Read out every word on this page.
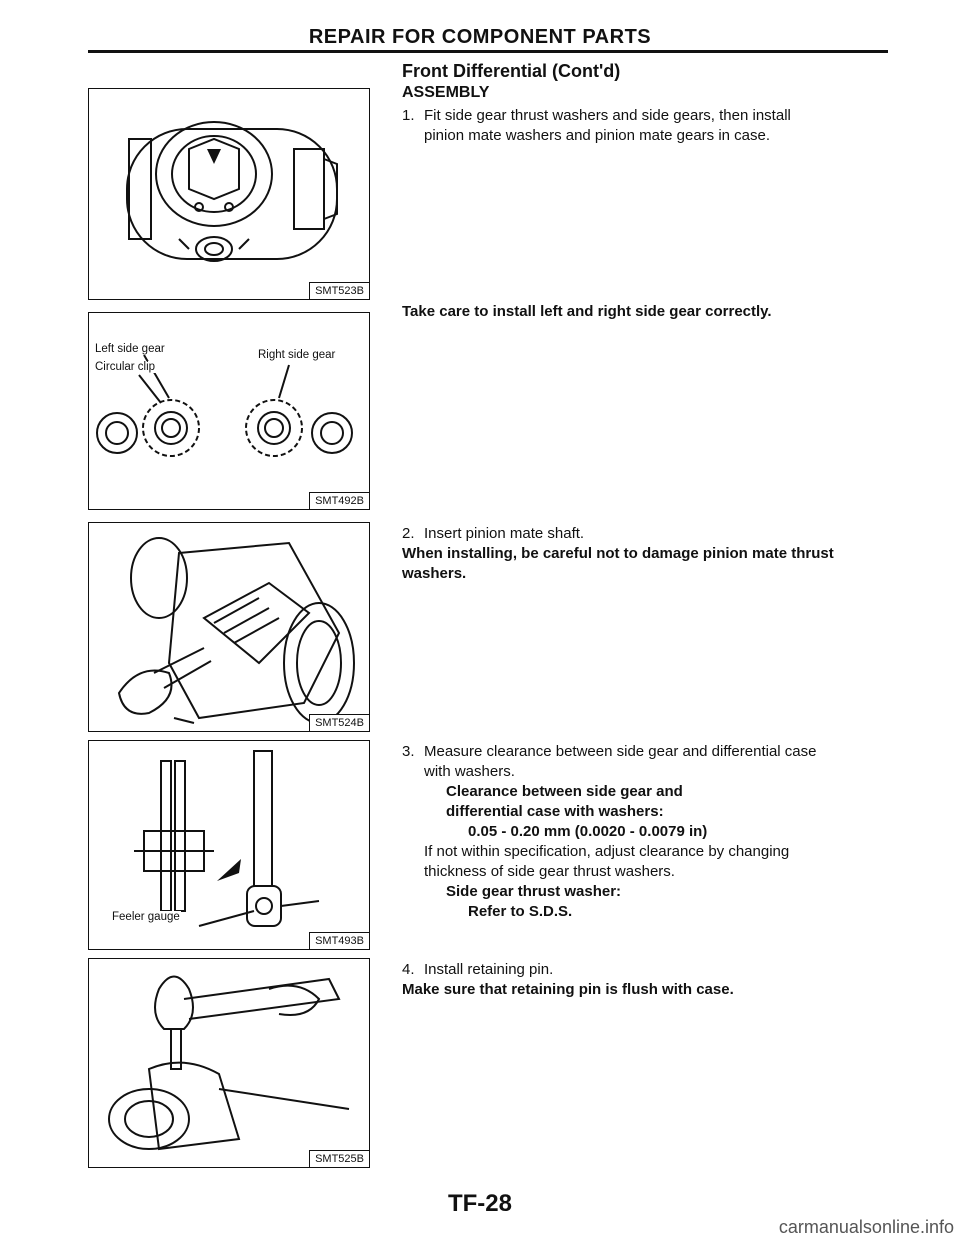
REPAIR FOR COMPONENT PARTS
SMT523B
Left side gear
Circular clip
Right side gear
SMT492B
SMT524B
Feeler gauge
SMT493B
SMT525B
Front Differential (Cont'd)
ASSEMBLY
1. Fit side gear thrust washers and side gears, then install
pinion mate washers and pinion mate gears in case.
Take care to install left and right side gear correctly.
2. Insert pinion mate shaft.
When installing, be careful not to damage pinion mate thrust
washers.
3. Measure clearance between side gear and differential case
with washers.
Clearance between side gear and
differential case with washers:
0.05 - 0.20 mm (0.0020 - 0.0079 in)
If not within specification, adjust clearance by changing
thickness of side gear thrust washers.
Side gear thrust washer:
Refer to S.D.S.
4. Install retaining pin.
Make sure that retaining pin is flush with case.
TF-28
carmanualsonline.info
